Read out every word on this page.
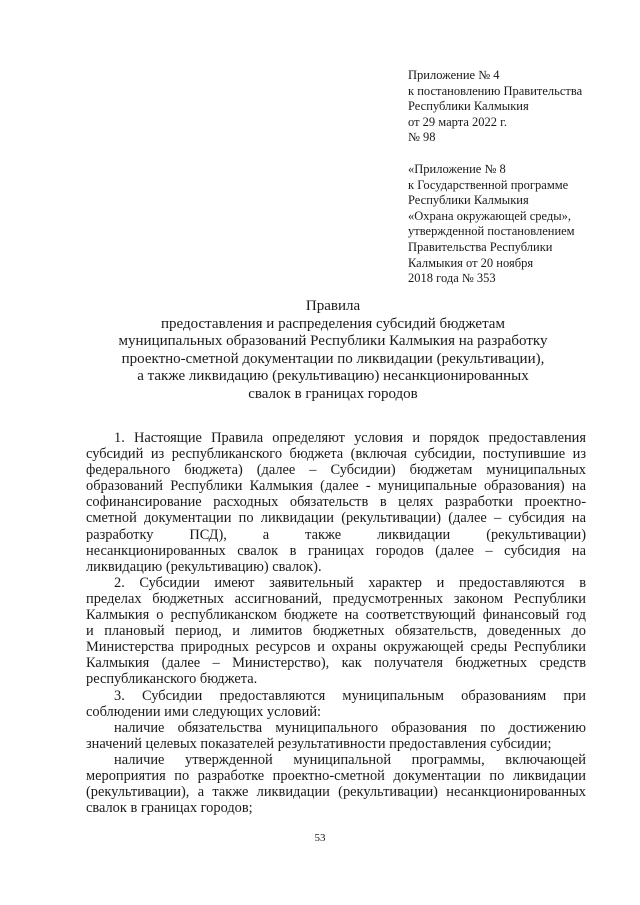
Приложение № 4
к постановлению Правительства
Республики Калмыкия
от 29 марта 2022 г.
№ 98
«Приложение № 8
к Государственной программе
Республики Калмыкия
«Охрана окружающей среды»,
утвержденной постановлением
Правительства Республики
Калмыкия от 20 ноября
2018 года № 353
Правила
предоставления и распределения субсидий бюджетам
муниципальных образований Республики Калмыкия на разработку
проектно-сметной документации по ликвидации (рекультивации),
а также ликвидацию (рекультивацию) несанкционированных
свалок в границах городов
1. Настоящие Правила определяют условия и порядок предоставления
субсидий из республиканского бюджета (включая субсидии, поступившие из
федерального бюджета) (далее – Субсидии) бюджетам муниципальных
образований Республики Калмыкия (далее - муниципальные образования) на
софинансирование расходных обязательств в целях разработки проектно-
сметной документации по ликвидации (рекультивации) (далее – субсидия на
разработку ПСД), а также ликвидации (рекультивации)
несанкционированных свалок в границах городов (далее – субсидия на
ликвидацию (рекультивацию) свалок).
2. Субсидии имеют заявительный характер и предоставляются в
пределах бюджетных ассигнований, предусмотренных законом Республики
Калмыкия о республиканском бюджете на соответствующий финансовый год
и плановый период, и лимитов бюджетных обязательств, доведенных до
Министерства природных ресурсов и охраны окружающей среды Республики
Калмыкия (далее – Министерство), как получателя бюджетных средств
республиканского бюджета.
3. Субсидии предоставляются муниципальным образованиям при
соблюдении ими следующих условий:
наличие обязательства муниципального образования по достижению
значений целевых показателей результативности предоставления субсидии;
наличие утвержденной муниципальной программы, включающей
мероприятия по разработке проектно-сметной документации по ликвидации
(рекультивации), а также ликвидации (рекультивации) несанкционированных
свалок в границах городов;
53
